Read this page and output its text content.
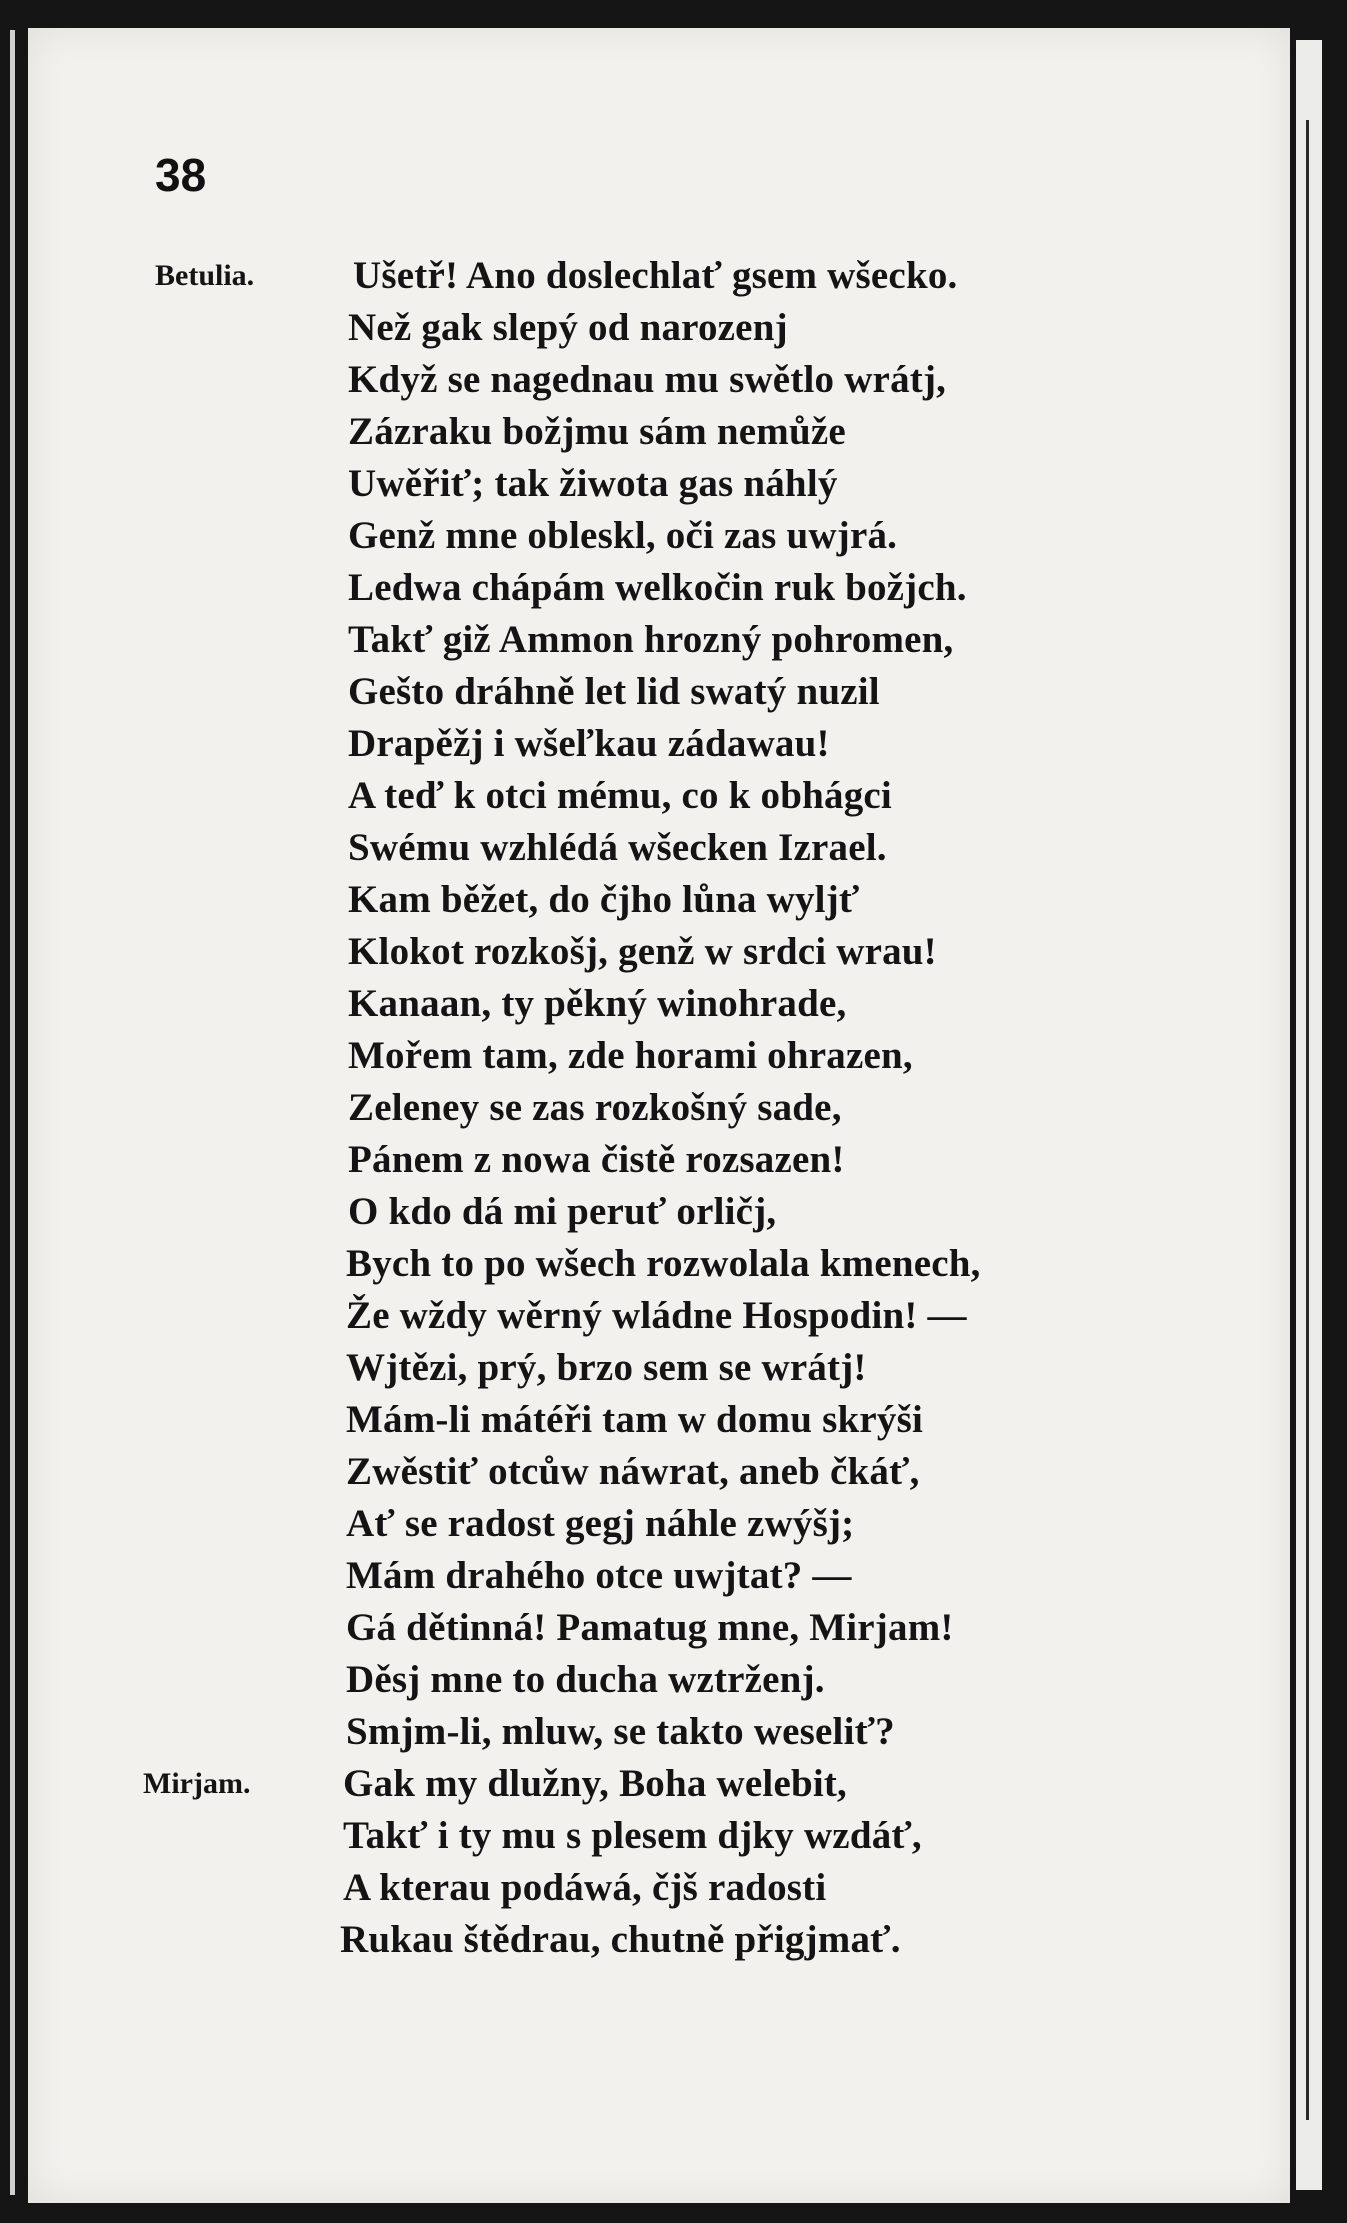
38
Betulia.	Ušetř! Ano doslechlať gsem wšecko.
Než gak slepý od narozenj
Když se nagednau mu swětlo wrátj,
Zázraku božjmu sám nemůže
Uwěřiť; tak žiwota gas náhlý
Genž mne obleskl, oči zas uwjrá.
Ledwa chápám welkočin ruk božjch.
Takť giž Ammon hrozný pohromen,
Gešto dráhně let lid swatý nuzil
Drapěžj i wšeľkau zádawau!
A teď k otci mému, co k obhágci
Swému wzhlédá wšecken Izrael.
Kam běžet, do čjho lůna wyljť
Klokot rozkošj, genž w srdci wrau!
Kanaan, ty pěkný winohrade,
Mořem tam, zde horami ohrazen,
Zeleney se zas rozkošný sade,
Pánem z nowa čistě rozsazen!
O kdo dá mi peruť orličj,
Bych to po wšech rozwolala kmenech,
Že wždy wěrný wládne Hospodin! —
Wjtězi, prý, brzo sem se wrátj!
Mám-li mátéři tam w domu skrýši
Zwěstiť otcůw náwrat, aneb čkáť,
Ať se radost gegj náhle zwýšj;
Mám drahého otce uwjtat? —
Gá dětinná! Pamatug mne, Mirjam!
Děsj mne to ducha wztrženj.
Smjm-li, mluw, se takto weseliť?
Mirjam. Gak my dlužny, Boha welebit,
Takť i ty mu s plesem djky wzdáť,
A kterau podáwá, čjš radosti
Rukau štědrau, chutně přigjmať.
